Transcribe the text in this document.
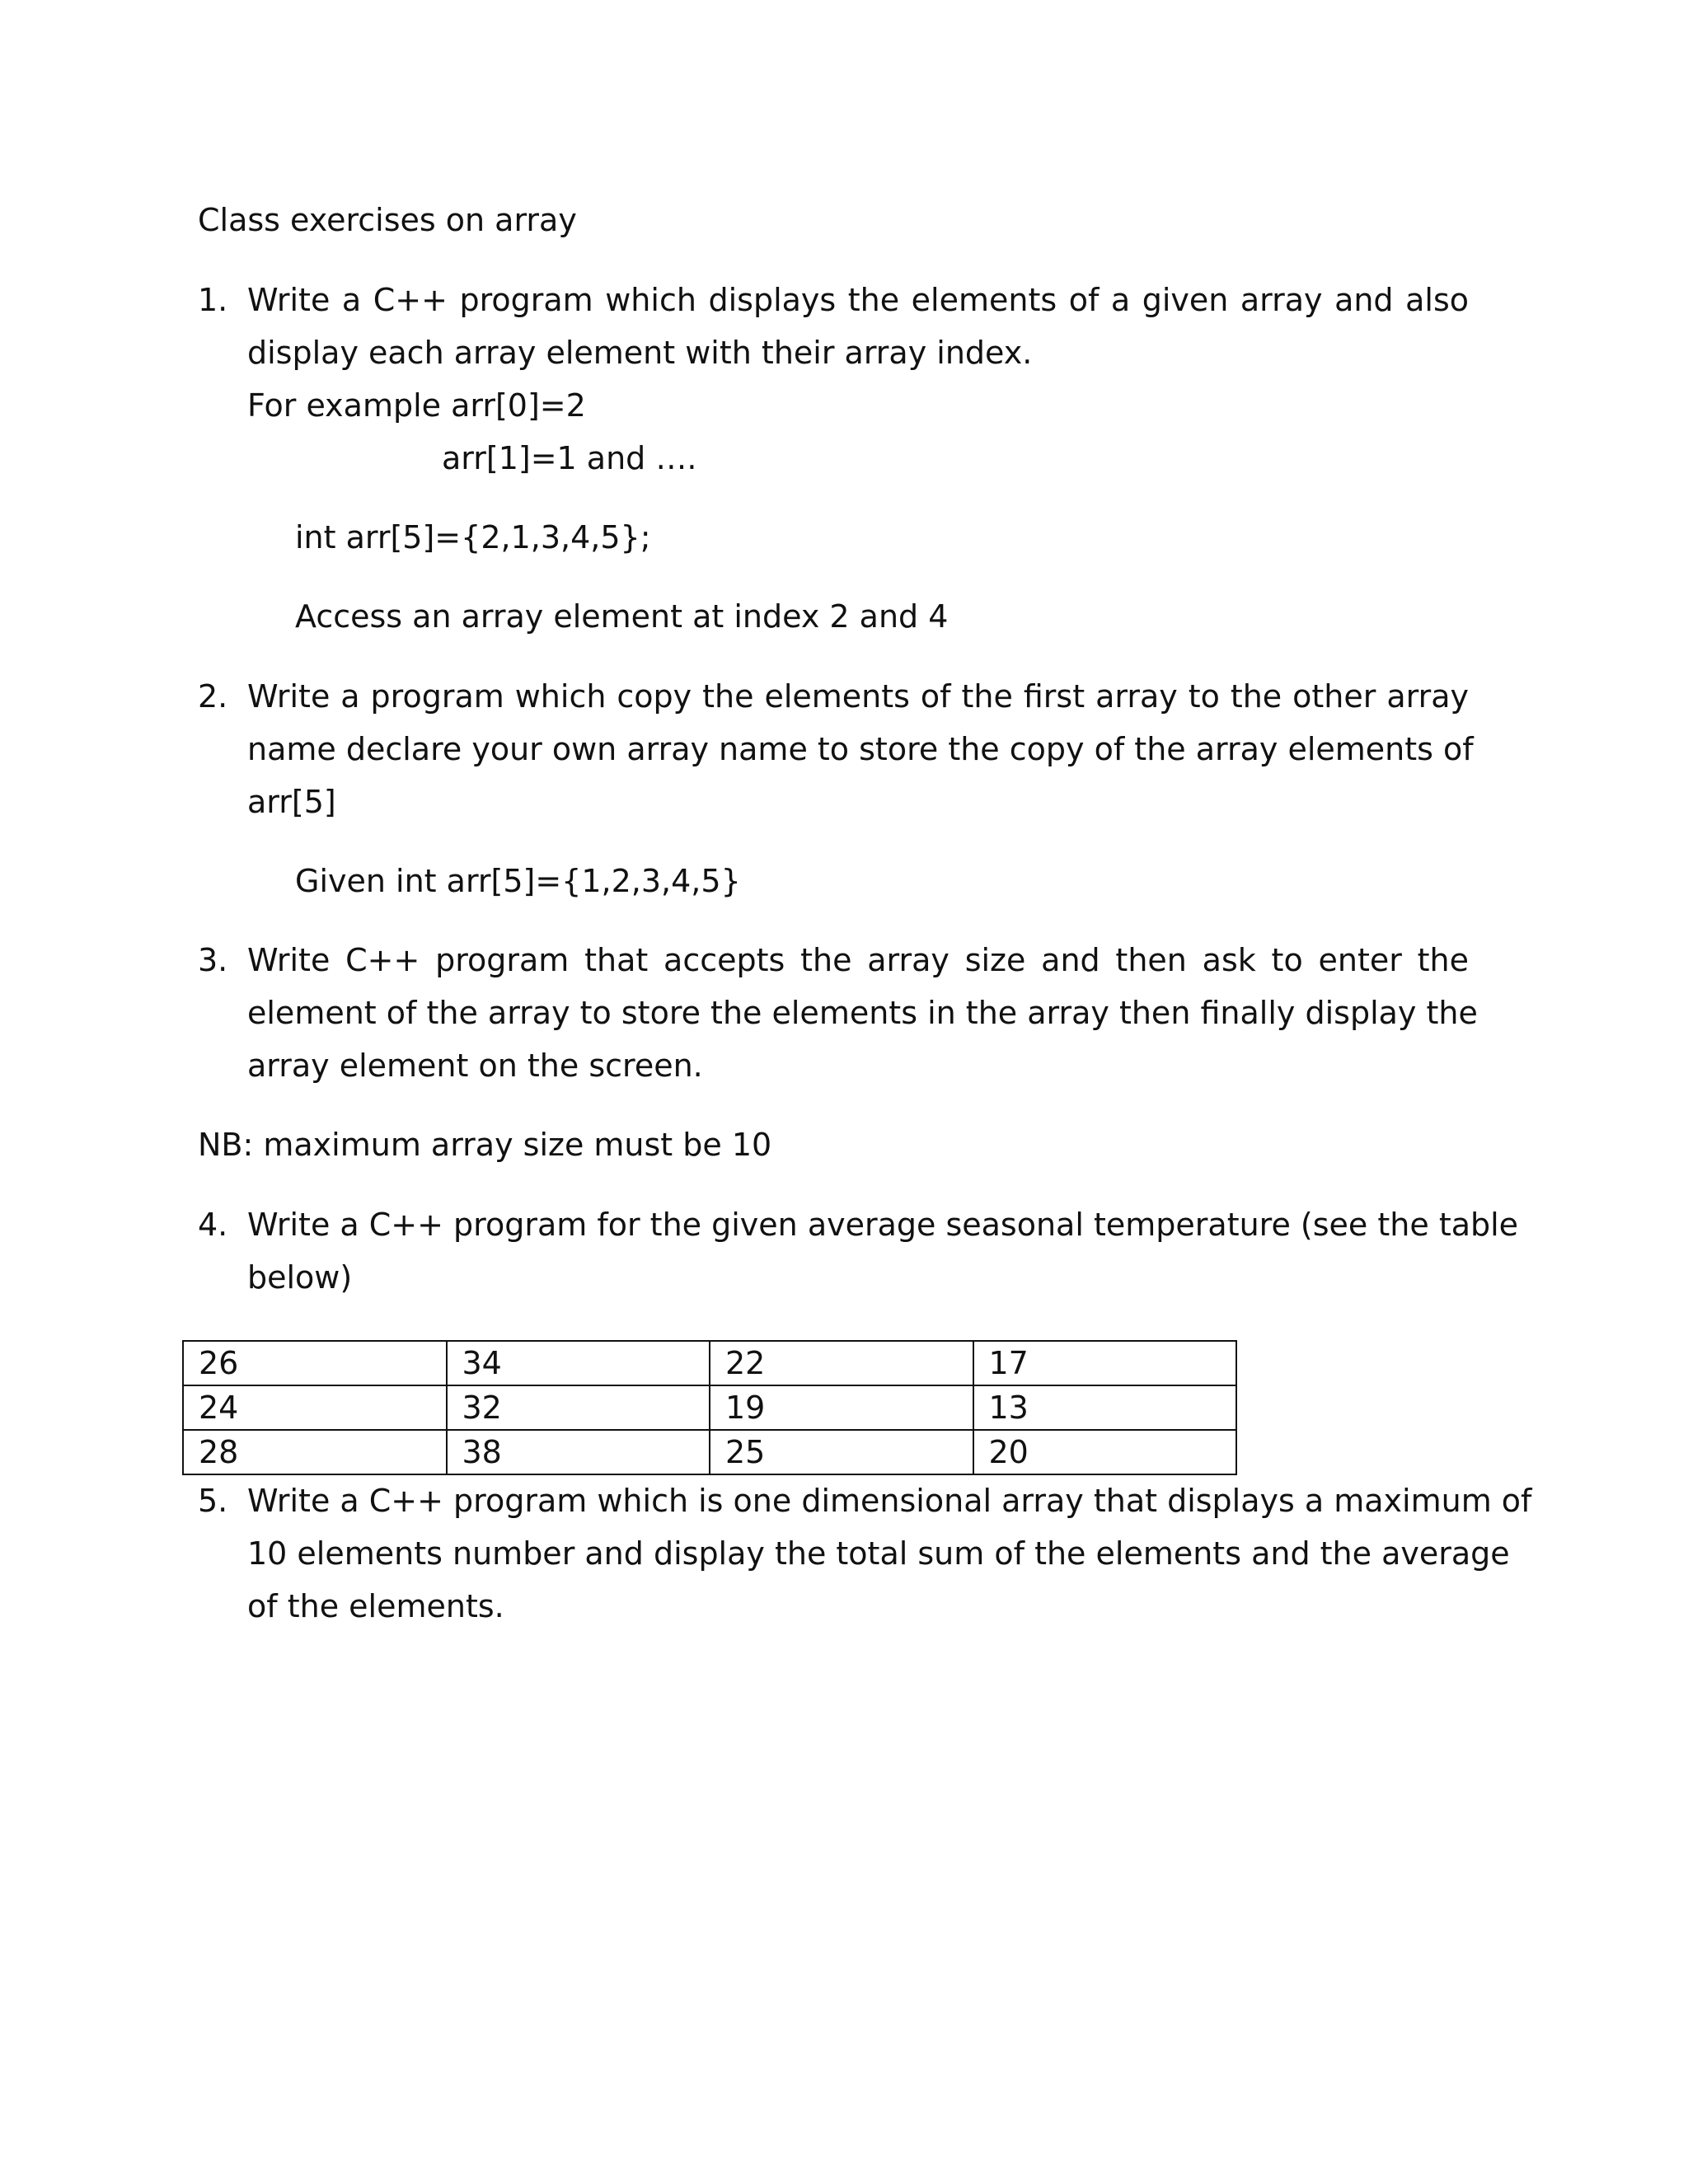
Class exercises on array
1. Write a C++ program which displays the elements of a given array and also
display each array element with their array index.
For example arr[0]=2
arr[1]=1 and ….
int arr[5]={2,1,3,4,5};
Access an array element at index 2 and 4
2. Write a program which copy the elements of the first array to the other array
name declare your own array name to store the copy of the array elements of
arr[5]
Given int arr[5]={1,2,3,4,5}
3. Write C++ program that accepts the array size and then ask to enter the
element of the array to store the elements in the array then finally display the
array element on the screen.
NB: maximum array size must be 10
4. Write a C++ program for the given average seasonal temperature (see the table
below)
26	34	22	17
24	32	19	13
28	38	25	20
5. Write a C++ program which is one dimensional array that displays a maximum of
10 elements number and display the total sum of the elements and the average
of the elements.
